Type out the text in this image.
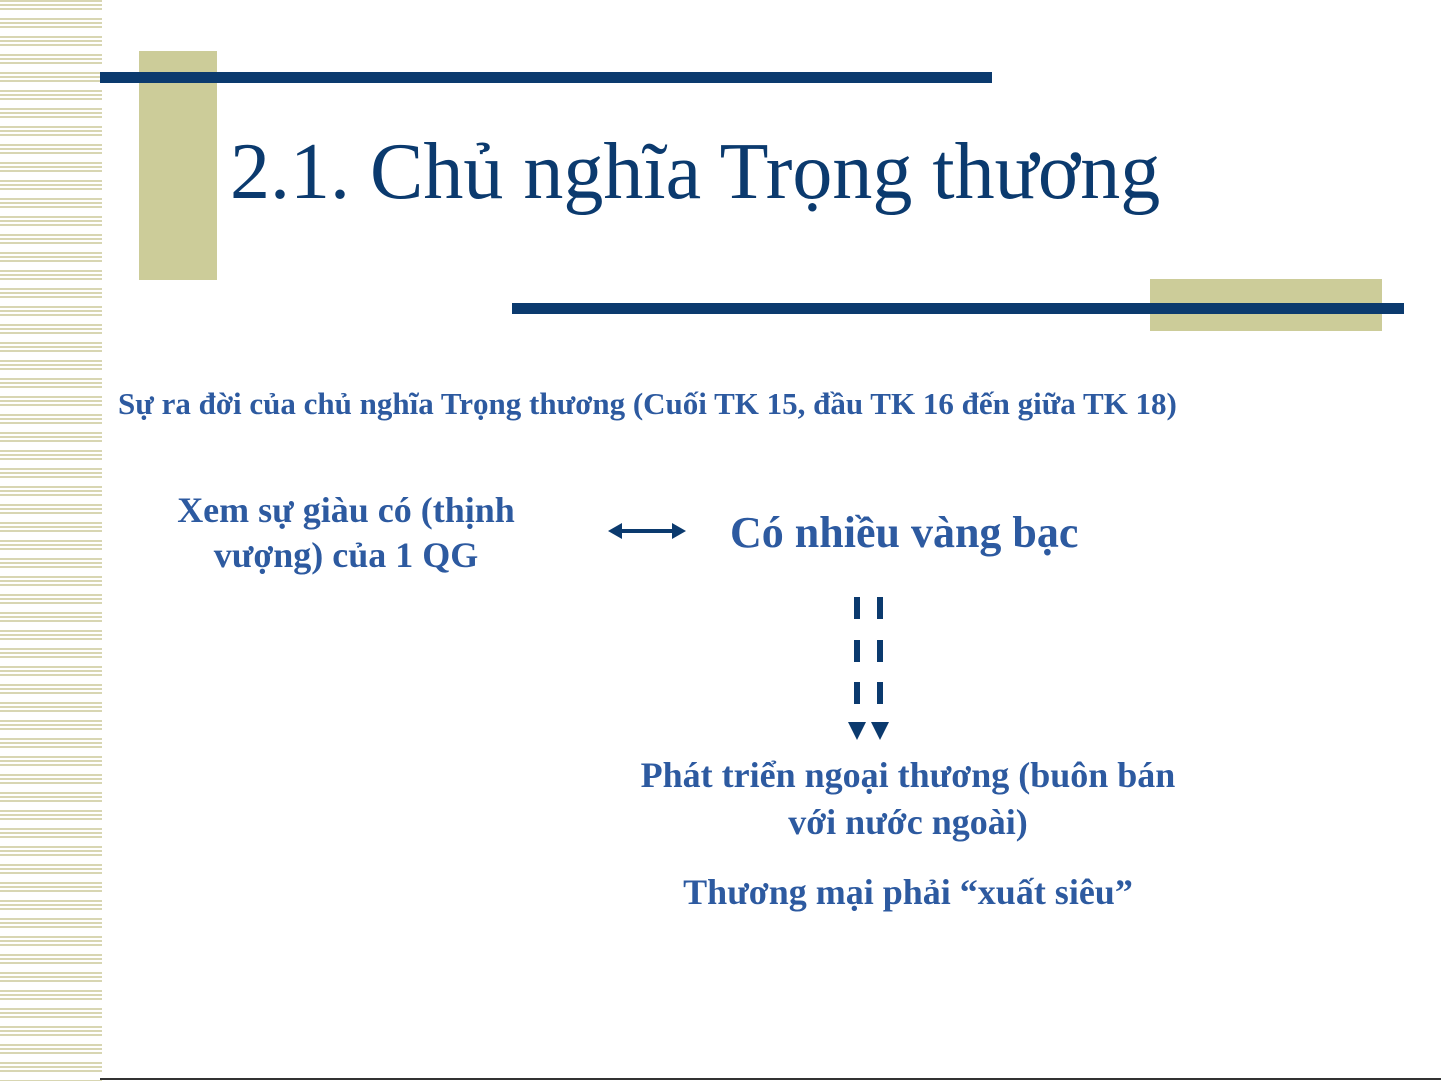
2.1. Chủ nghĩa Trọng thương

Sự ra đời của chủ nghĩa Trọng thương (Cuối TK 15, đầu TK 16 đến giữa TK 18)

Xem sự giàu có (thịnh
vượng) của 1 QG	Có nhiều vàng bạc

Phát triển ngoại thương (buôn bán
với nước ngoài)
Thương mại phải “xuất siêu”
